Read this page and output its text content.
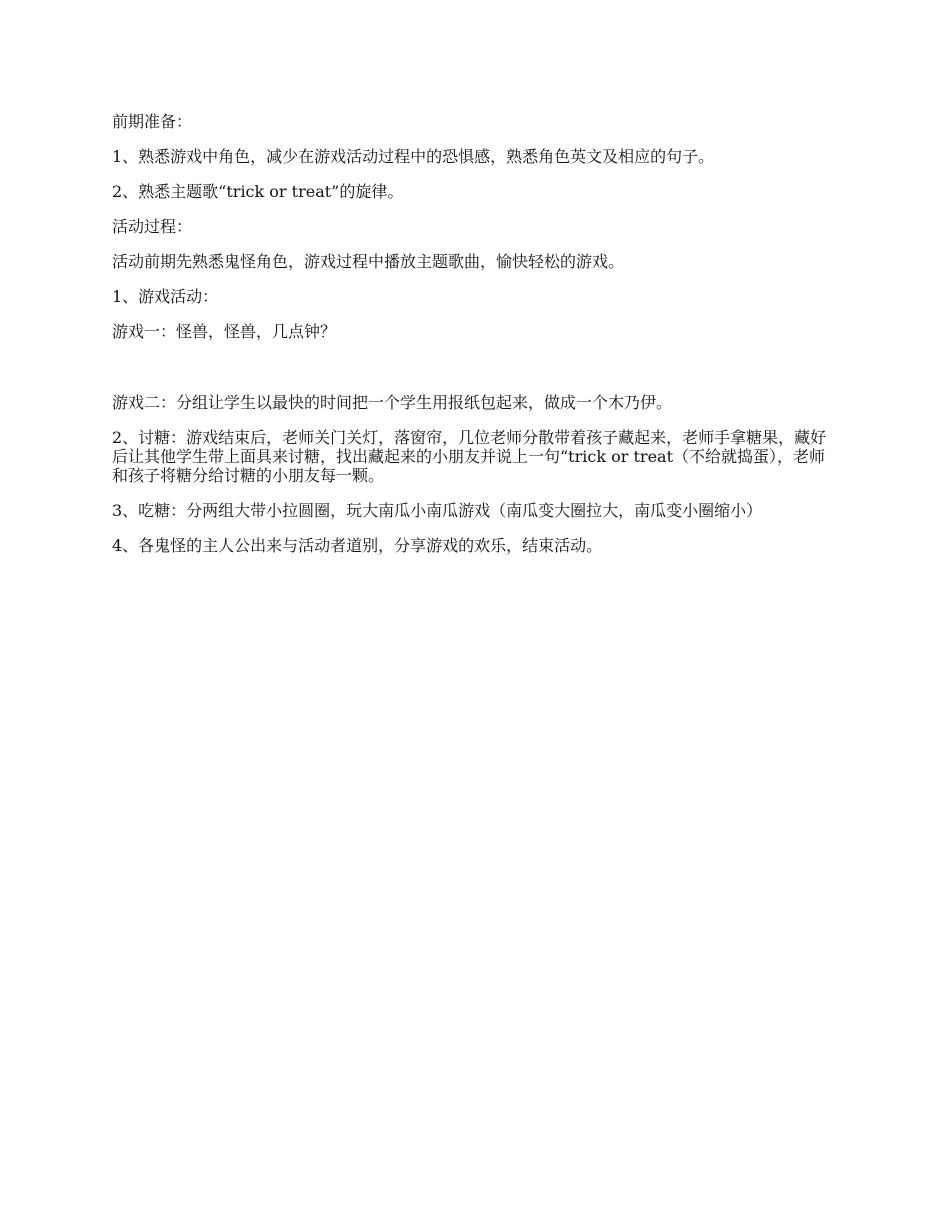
前期准备：

1、熟悉游戏中角色，减少在游戏活动过程中的恐惧感，熟悉角色英文及相应的句子。

2、熟悉主题歌“trick or treat”的旋律。

活动过程：

活动前期先熟悉鬼怪角色，游戏过程中播放主题歌曲，愉快轻松的游戏。

1、游戏活动：

游戏一：怪兽，怪兽，几点钟？

游戏二：分组让学生以最快的时间把一个学生用报纸包起来，做成一个木乃伊。

2、讨糖：游戏结束后，老师关门关灯，落窗帘，几位老师分散带着孩子藏起来，老师手拿糖果，藏好后让其他学生带上面具来讨糖，找出藏起来的小朋友并说上一句“trick or treat（不给就捣蛋），老师和孩子将糖分给讨糖的小朋友每一颗。

3、吃糖：分两组大带小拉圆圈，玩大南瓜小南瓜游戏（南瓜变大圈拉大，南瓜变小圈缩小）

4、各鬼怪的主人公出来与活动者道别，分享游戏的欢乐，结束活动。
